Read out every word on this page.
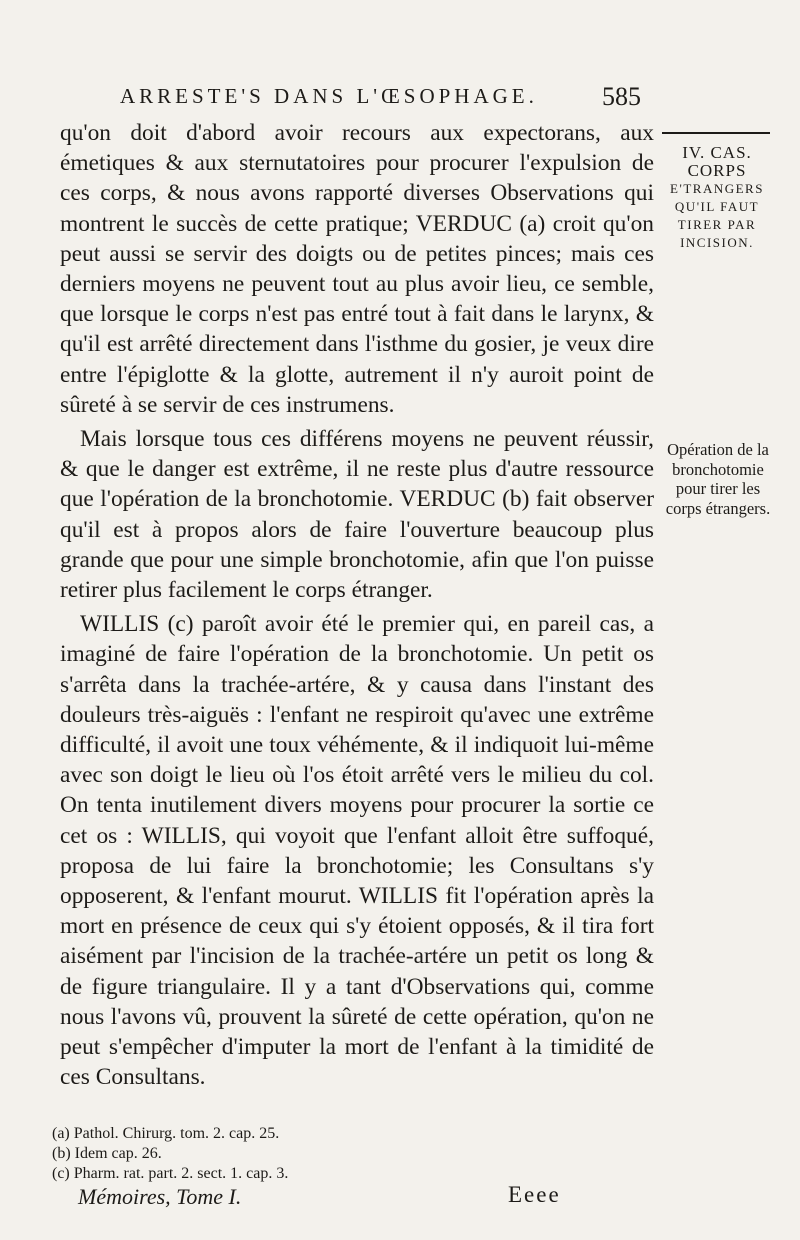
ARRESTE'S DANS L'ŒSOPHAGE.	585

qu'on doit d'abord avoir recours aux expectorans, aux émetiques & aux sternutatoires pour procurer l'expulsion de ces corps, & nous avons rapporté diverses Observations qui montrent le succès de cette pratique; VERDUC (a) croit qu'on peut aussi se servir des doigts ou de petites pinces; mais ces derniers moyens ne peuvent tout au plus avoir lieu, ce semble, que lorsque le corps n'est pas entré tout à fait dans le larynx, & qu'il est arrêté directement dans l'isthme du gosier, je veux dire entre l'épiglotte & la glotte, autrement il n'y auroit point de sûreté à se servir de ces instrumens.

Mais lorsque tous ces différens moyens ne peuvent réussir, & que le danger est extrême, il ne reste plus d'autre ressource que l'opération de la bronchotomie. VERDUC (b) fait observer qu'il est à propos alors de faire l'ouverture beaucoup plus grande que pour une simple bronchotomie, afin que l'on puisse retirer plus facilement le corps étranger.

WILLIS (c) paroît avoir été le premier qui, en pareil cas, a imaginé de faire l'opération de la bronchotomie. Un petit os s'arrêta dans la trachée-artére, & y causa dans l'instant des douleurs très-aiguës : l'enfant ne respiroit qu'avec une extrême difficulté, il avoit une toux véhémente, & il indiquoit lui-même avec son doigt le lieu où l'os étoit arrêté vers le milieu du col. On tenta inutilement divers moyens pour procurer la sortie ce cet os : WILLIS, qui voyoit que l'enfant alloit être suffoqué, proposa de lui faire la bronchotomie; les Consultans s'y opposerent, & l'enfant mourut. WILLIS fit l'opération après la mort en présence de ceux qui s'y étoient opposés, & il tira fort aisément par l'incision de la trachée-artére un petit os long & de figure triangulaire. Il y a tant d'Observations qui, comme nous l'avons vû, prouvent la sûreté de cette opération, qu'on ne peut s'empêcher d'imputer la mort de l'enfant à la timidité de ces Consultans.

IV. CAS.
CORPS
E'TRANGERS
QU'IL FAUT
TIRER PAR
INCISION.
Opération de la bronchotomie pour tirer les corps étrangers.
(a) Pathol. Chirurg. tom. 2. cap. 25.
(b) Idem cap. 26.
(c) Pharm. rat. part. 2. sect. 1. cap. 3.
Mémoires, Tome I.	Eeee
